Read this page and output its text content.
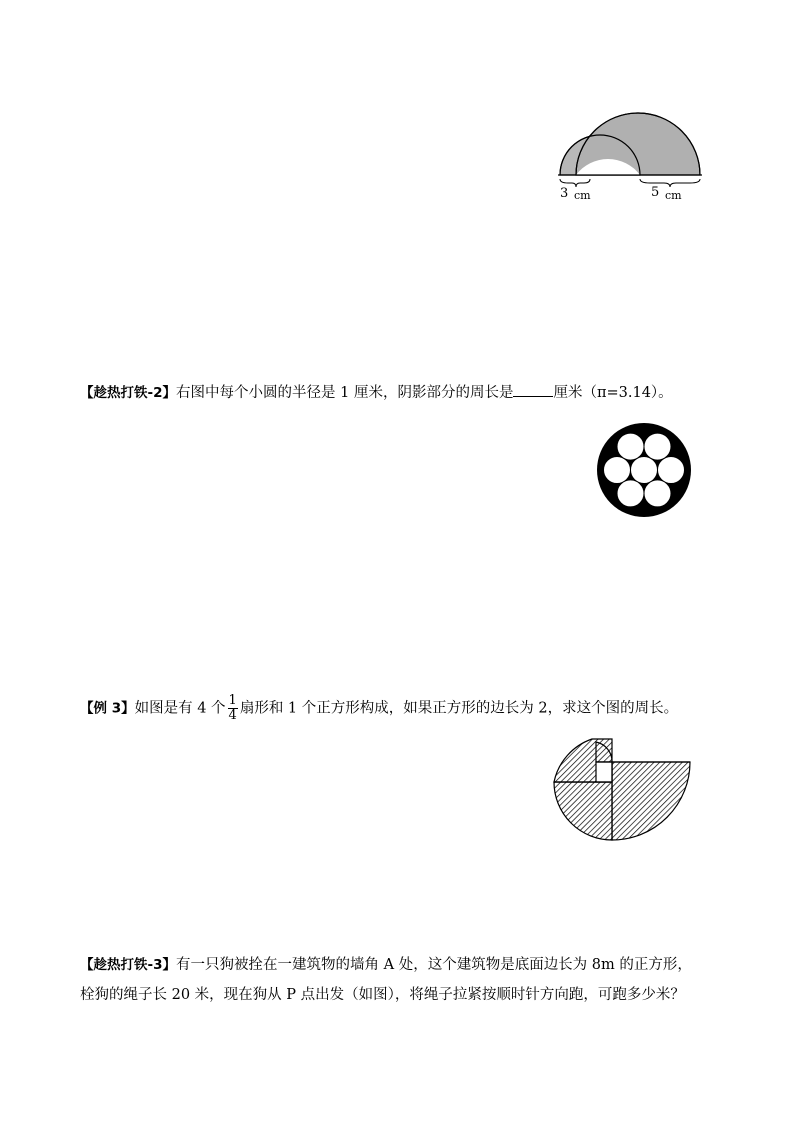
3 cm	5 cm
【趁热打铁-2】右图中每个小圆的半径是 1 厘米，阴影部分的周长是	厘米（π=3.14）。
【例 3】如图是有 4 个 $\frac{1}{4}$ 扇形和 1 个正方形构成，如果正方形的边长为 2，求这个图的周长。
【趁热打铁-3】有一只狗被拴在一建筑物的墙角 A 处，这个建筑物是底面边长为 8m 的正方形，
栓狗的绳子长 20 米，现在狗从 P 点出发（如图），将绳子拉紧按顺时针方向跑，可跑多少米？
